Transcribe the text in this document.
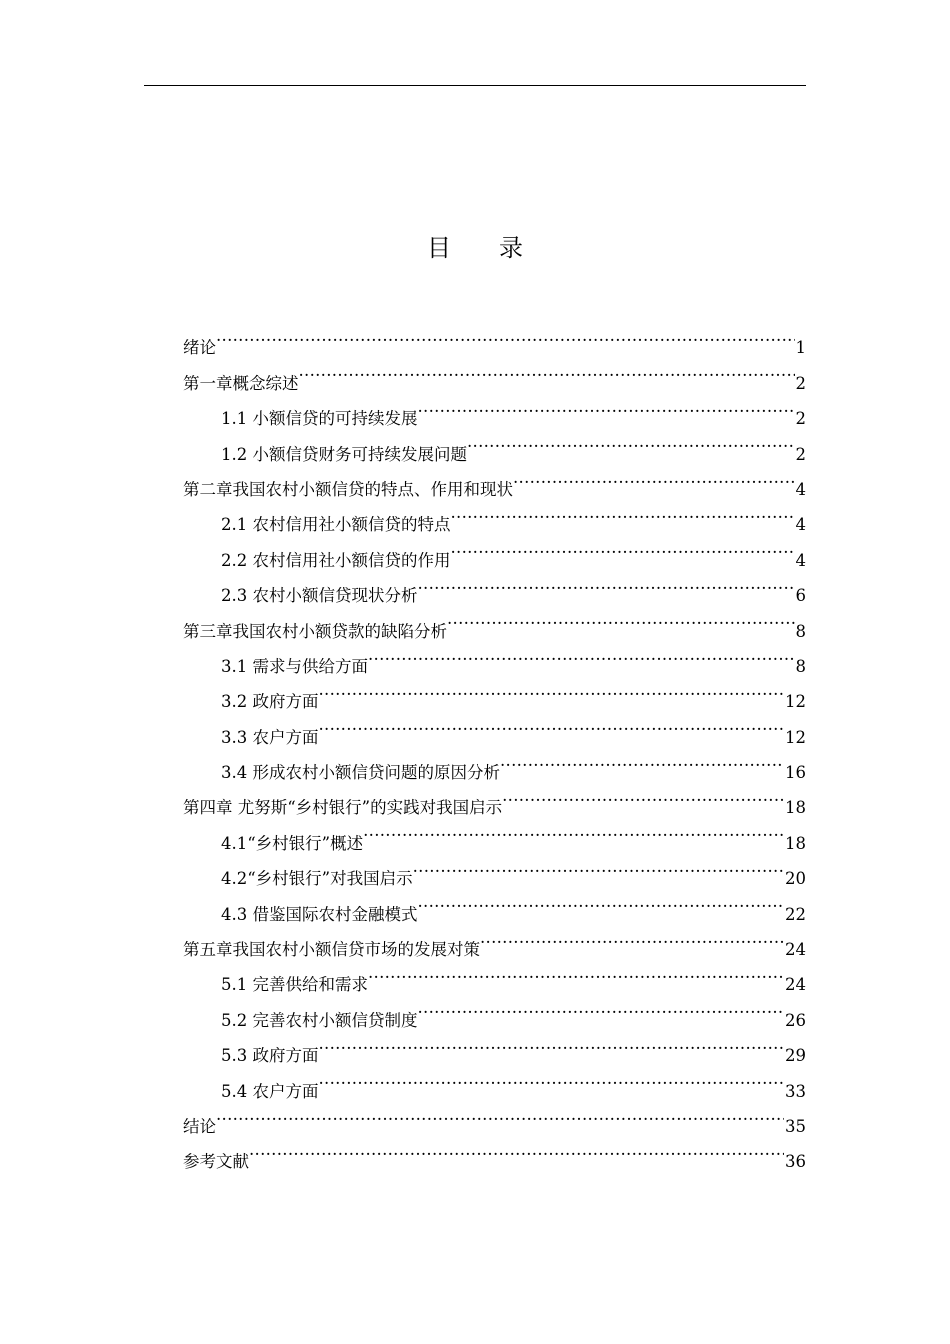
目 录
绪论 .....	1
第一章概念综述 .....	2
1.1 小额信贷的可持续发展 .....	2
1.2 小额信贷财务可持续发展问题 .....	2
第二章我国农村小额信贷的特点、作用和现状 .....	4
2.1 农村信用社小额信贷的特点 .....	4
2.2 农村信用社小额信贷的作用 .....	4
2.3 农村小额信贷现状分析 .....	6
第三章我国农村小额贷款的缺陷分析 .....	8
3.1 需求与供给方面 .....	8
3.2 政府方面 .....	12
3.3 农户方面 .....	12
3.4 形成农村小额信贷问题的原因分析 .....	16
第四章 尤努斯“乡村银行”的实践对我国启示 .....	18
4.1“乡村银行”概述 .....	18
4.2“乡村银行”对我国启示 .....	20
4.3 借鉴国际农村金融模式 .....	22
第五章我国农村小额信贷市场的发展对策 .....	24
5.1 完善供给和需求 .....	24
5.2 完善农村小额信贷制度 .....	26
5.3 政府方面 .....	29
5.4 农户方面 .....	33
结论 .....	35
参考文献 .....	36
